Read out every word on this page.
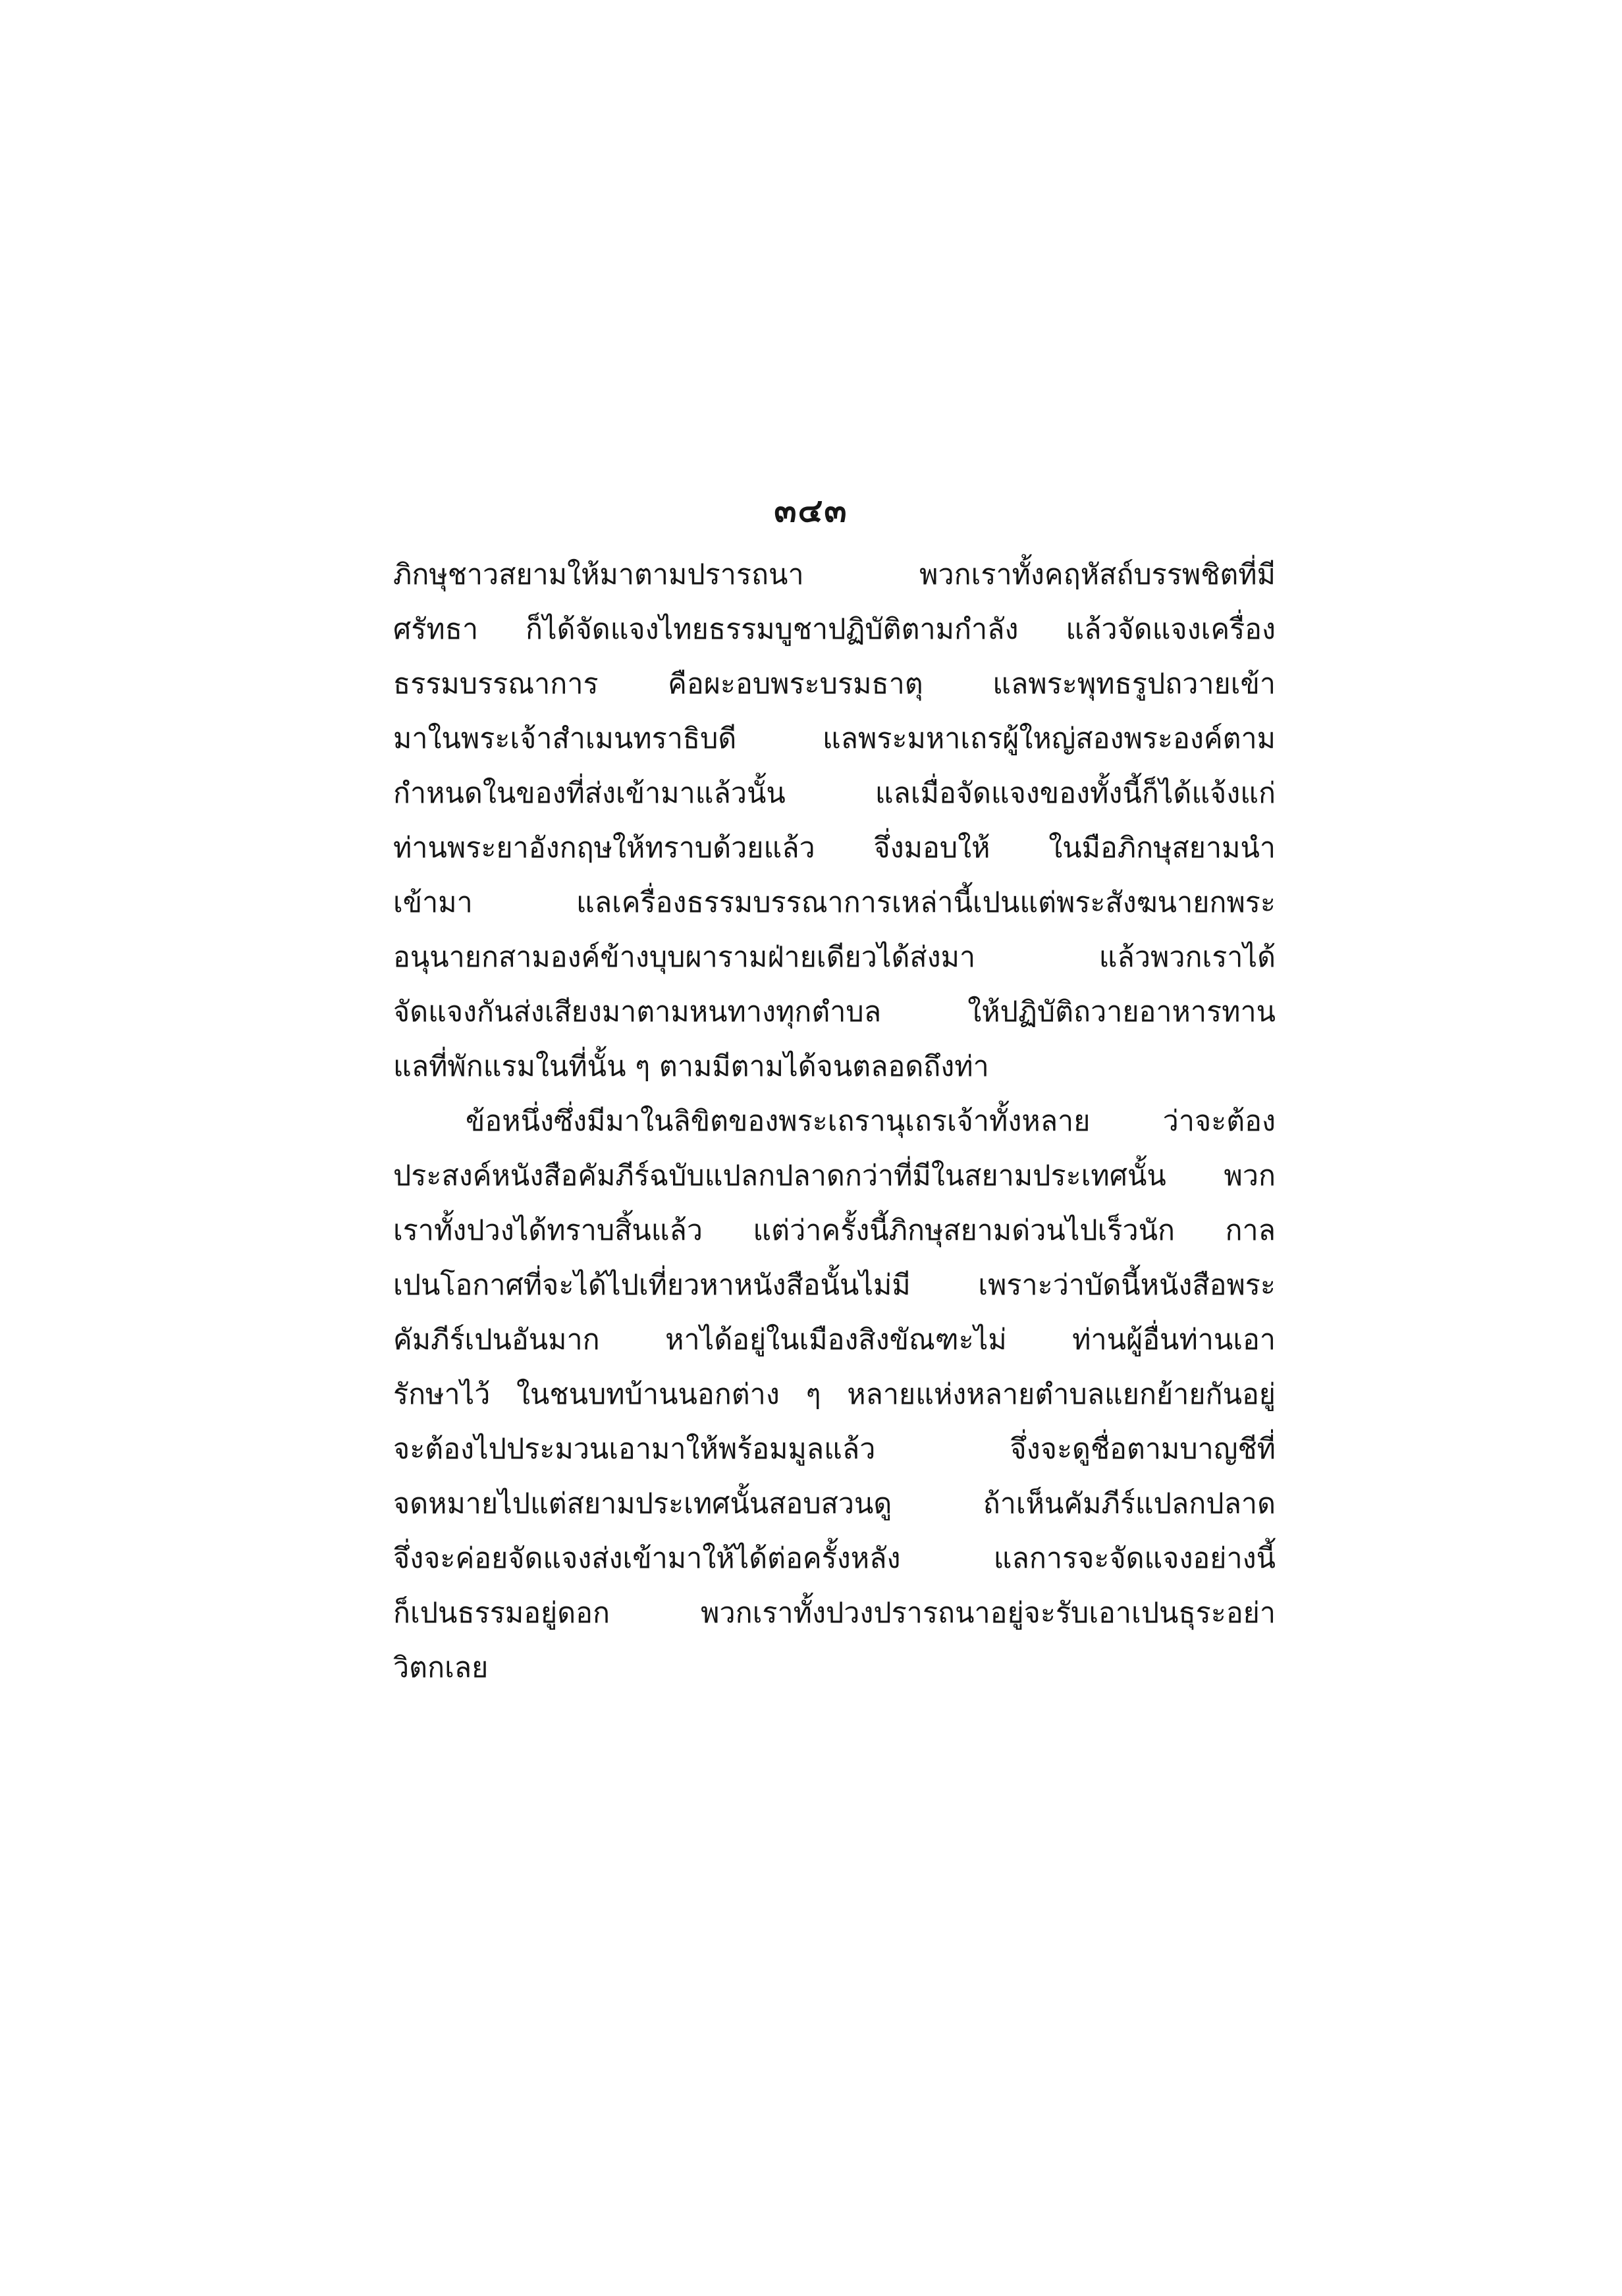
๓๔๓
ภิกษุชาวสยามให้มาตามปรารถนา พวกเราทั้งคฤหัสถ์บรรพชิตที่มี
ศรัทธา ก็ได้จัดแจงไทยธรรมบูชาปฏิบัติตามกำลัง แล้วจัดแจงเครื่อง
ธรรมบรรณาการ คือผะอบพระบรมธาตุ แลพระพุทธรูปถวายเข้า
มาในพระเจ้าสำเมนทราธิบดี แลพระมหาเถรผู้ใหญ่สองพระองค์ตาม
กำหนดในของที่ส่งเข้ามาแล้วนั้น แลเมื่อจัดแจงของทั้งนี้ก็ได้แจ้งแก่
ท่านพระยาอังกฤษให้ทราบด้วยแล้ว จึ่งมอบให้ ในมือภิกษุสยามนำ
เข้ามา แลเครื่องธรรมบรรณาการเหล่านี้เปนแต่พระสังฆนายกพระ
อนุนายกสามองค์ข้างบุบผารามฝ่ายเดียวได้ส่งมา แล้วพวกเราได้
จัดแจงกันส่งเสียงมาตามหนทางทุกตำบล ให้ปฏิบัติถวายอาหารทาน
แลที่พักแรมในที่นั้น ๆ ตามมีตามได้จนตลอดถึงท่า
ข้อหนึ่งซึ่งมีมาในลิขิตของพระเถรานุเถรเจ้าทั้งหลาย ว่าจะต้อง
ประสงค์หนังสือคัมภีร์ฉบับแปลกปลาดกว่าที่มีในสยามประเทศนั้น พวก
เราทั้งปวงได้ทราบสิ้นแล้ว แต่ว่าครั้งนี้ภิกษุสยามด่วนไปเร็วนัก กาล
เปนโอกาศที่จะได้ไปเที่ยวหาหนังสือนั้นไม่มี เพราะว่าบัดนี้หนังสือพระ
คัมภีร์เปนอันมาก หาได้อยู่ในเมืองสิงขัณฑะไม่ ท่านผู้อื่นท่านเอา
รักษาไว้ ในชนบทบ้านนอกต่าง ๆ หลายแห่งหลายตำบลแยกย้ายกันอยู่
จะต้องไปประมวนเอามาให้พร้อมมูลแล้ว จึ่งจะดูชื่อตามบาญชีที่
จดหมายไปแต่สยามประเทศนั้นสอบสวนดู ถ้าเห็นคัมภีร์แปลกปลาด
จึ่งจะค่อยจัดแจงส่งเข้ามาให้ได้ต่อครั้งหลัง แลการจะจัดแจงอย่างนี้
ก็เปนธรรมอยู่ดอก พวกเราทั้งปวงปรารถนาอยู่จะรับเอาเปนธุระอย่า
วิตกเลย
